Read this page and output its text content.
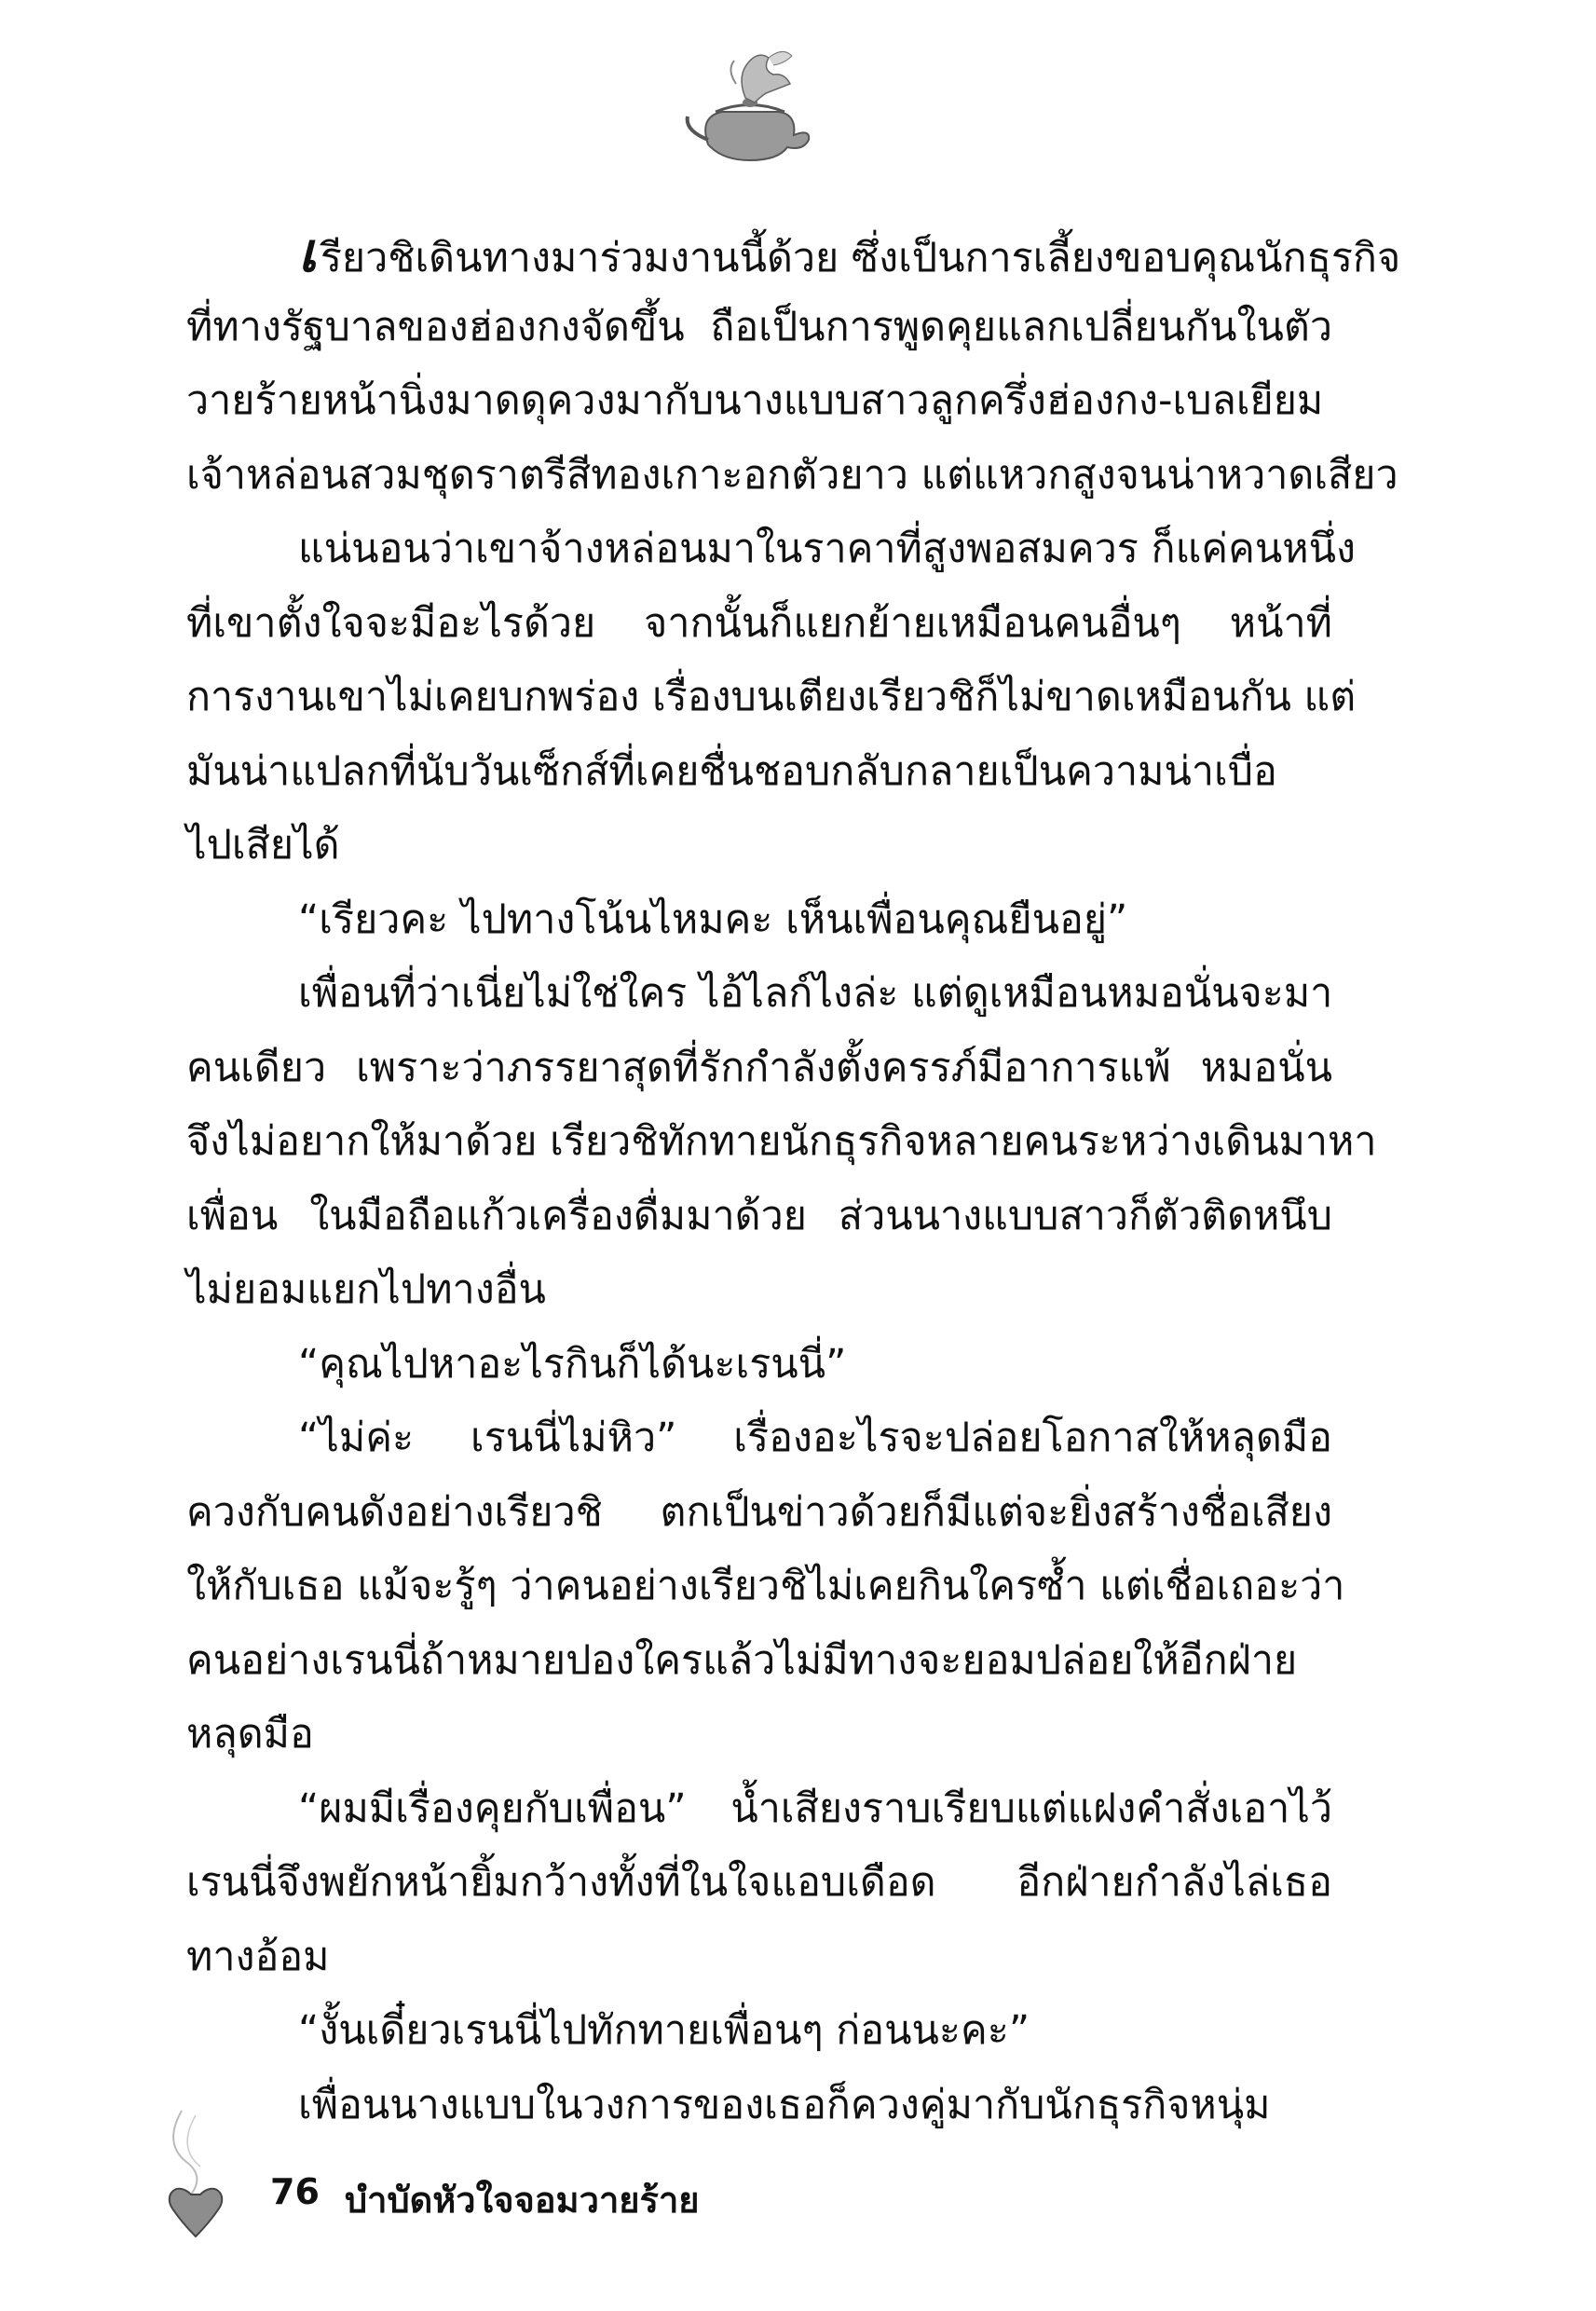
เรียวชิเดินทางมาร่วมงานนี้ด้วย ซึ่งเป็นการเลี้ยงขอบคุณนักธุรกิจ
ที่ทางรัฐบาลของฮ่องกงจัดขึ้น ถือเป็นการพูดคุยแลกเปลี่ยนกันในตัว
วายร้ายหน้านิ่งมาดดุควงมากับนางแบบสาวลูกครึ่งฮ่องกง-เบลเยียม
เจ้าหล่อนสวมชุดราตรีสีทองเกาะอกตัวยาว แต่แหวกสูงจนน่าหวาดเสียว
แน่นอนว่าเขาจ้างหล่อนมาในราคาที่สูงพอสมควร ก็แค่คนหนึ่ง
ที่เขาตั้งใจจะมีอะไรด้วย จากนั้นก็แยกย้ายเหมือนคนอื่นๆ หน้าที่
การงานเขาไม่เคยบกพร่อง เรื่องบนเตียงเรียวชิก็ไม่ขาดเหมือนกัน แต่
มันน่าแปลกที่นับวันเซ็กส์ที่เคยชื่นชอบกลับกลายเป็นความน่าเบื่อ
ไปเสียได้
“เรียวคะ ไปทางโน้นไหมคะ เห็นเพื่อนคุณยืนอยู่”
เพื่อนที่ว่าเนี่ยไม่ใช่ใคร ไอ้ไลก์ไงล่ะ แต่ดูเหมือนหมอนั่นจะมา
คนเดียว เพราะว่าภรรยาสุดที่รักกำลังตั้งครรภ์มีอาการแพ้ หมอนั่น
จึงไม่อยากให้มาด้วย เรียวชิทักทายนักธุรกิจหลายคนระหว่างเดินมาหา
เพื่อน ในมือถือแก้วเครื่องดื่มมาด้วย ส่วนนางแบบสาวก็ตัวติดหนึบ
ไม่ยอมแยกไปทางอื่น
“คุณไปหาอะไรกินก็ได้นะเรนนี่”
“ไม่ค่ะ เรนนี่ไม่หิว” เรื่องอะไรจะปล่อยโอกาสให้หลุดมือ
ควงกับคนดังอย่างเรียวชิ ตกเป็นข่าวด้วยก็มีแต่จะยิ่งสร้างชื่อเสียง
ให้กับเธอ แม้จะรู้ๆ ว่าคนอย่างเรียวชิไม่เคยกินใครซ้ำ แต่เชื่อเถอะว่า
คนอย่างเรนนี่ถ้าหมายปองใครแล้วไม่มีทางจะยอมปล่อยให้อีกฝ่าย
หลุดมือ
“ผมมีเรื่องคุยกับเพื่อน” น้ำเสียงราบเรียบแต่แฝงคำสั่งเอาไว้
เรนนี่จึงพยักหน้ายิ้มกว้างทั้งที่ในใจแอบเดือด อีกฝ่ายกำลังไล่เธอ
ทางอ้อม
“งั้นเดี๋ยวเรนนี่ไปทักทายเพื่อนๆ ก่อนนะคะ”
เพื่อนนางแบบในวงการของเธอก็ควงคู่มากับนักธุรกิจหนุ่ม
76 บำบัดหัวใจจอมวายร้าย
